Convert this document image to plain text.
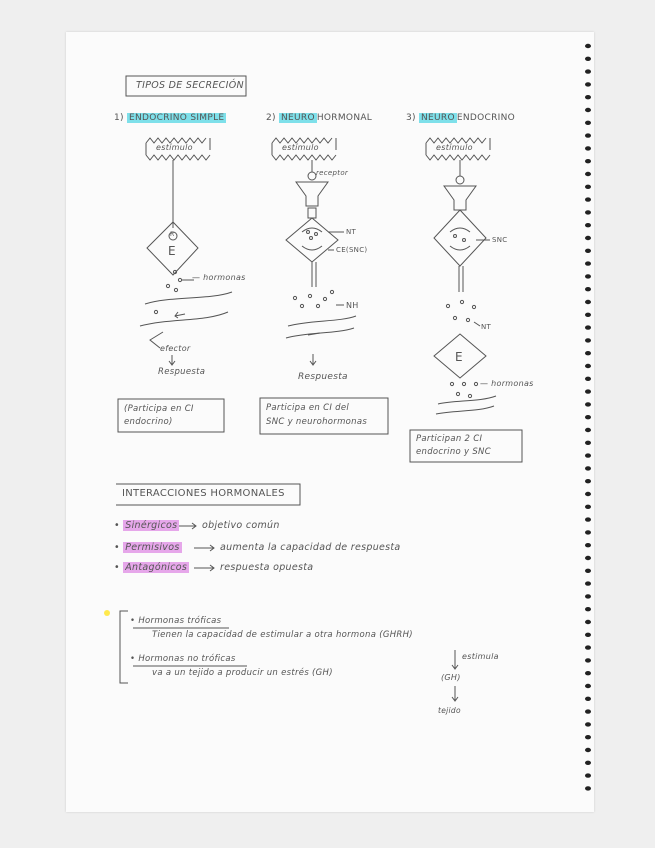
TIPOS DE SECRECIÓN
1) ENDOCRINO SIMPLE	2) NEURO HORMONAL	3) NEURO ENDOCRINO
estímulo	estímulo	estímulo
R
E
— hormonas
efector
Respuesta
(Participa en CI
endocrino)
receptor
NT
CE(SNC)
NH
Respuesta
Participa en CI del
SNC y neurohormonas
SNC
NT
E
— hormonas
Participan 2 CI
endocrino y SNC
INTERACCIONES HORMONALES
• Sinérgicos	objetivo común
• Permisivos	aumenta la capacidad de respuesta
• Antagónicos	respuesta opuesta
• Hormonas tróficas
Tienen la capacidad de estimular a otra hormona (GHRH)
• Hormonas no tróficas
va a un tejido a producir un estrés (GH)
estimula
(GH)
tejido
